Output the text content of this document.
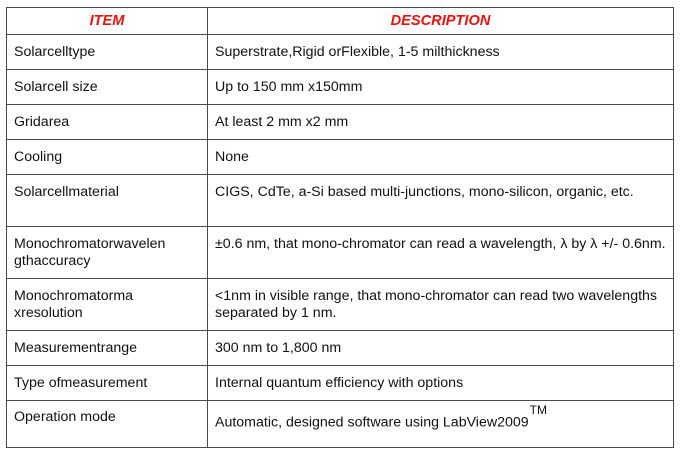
ITEM	DESCRIPTION
Solarcelltype	Superstrate,Rigid orFlexible, 1-5 milthickness
Solarcell size	Up to 150 mm x150mm
Gridarea	At least 2 mm x2 mm
Cooling	None
Solarcellmaterial	CIGS, CdTe, a-Si based multi-junctions, mono-silicon, organic, etc.
Monochromatorwavelen gthaccuracy	±0.6 nm, that mono-chromator can read a wavelength, λ by λ +/- 0.6nm.
Monochromatorma xresolution	<1nm in visible range, that mono-chromator can read two wavelengths separated by 1 nm.
Measurementrange	300 nm to 1,800 nm
Type ofmeasurement	Internal quantum efficiency with options
Operation mode	Automatic, designed software using LabView2009™
